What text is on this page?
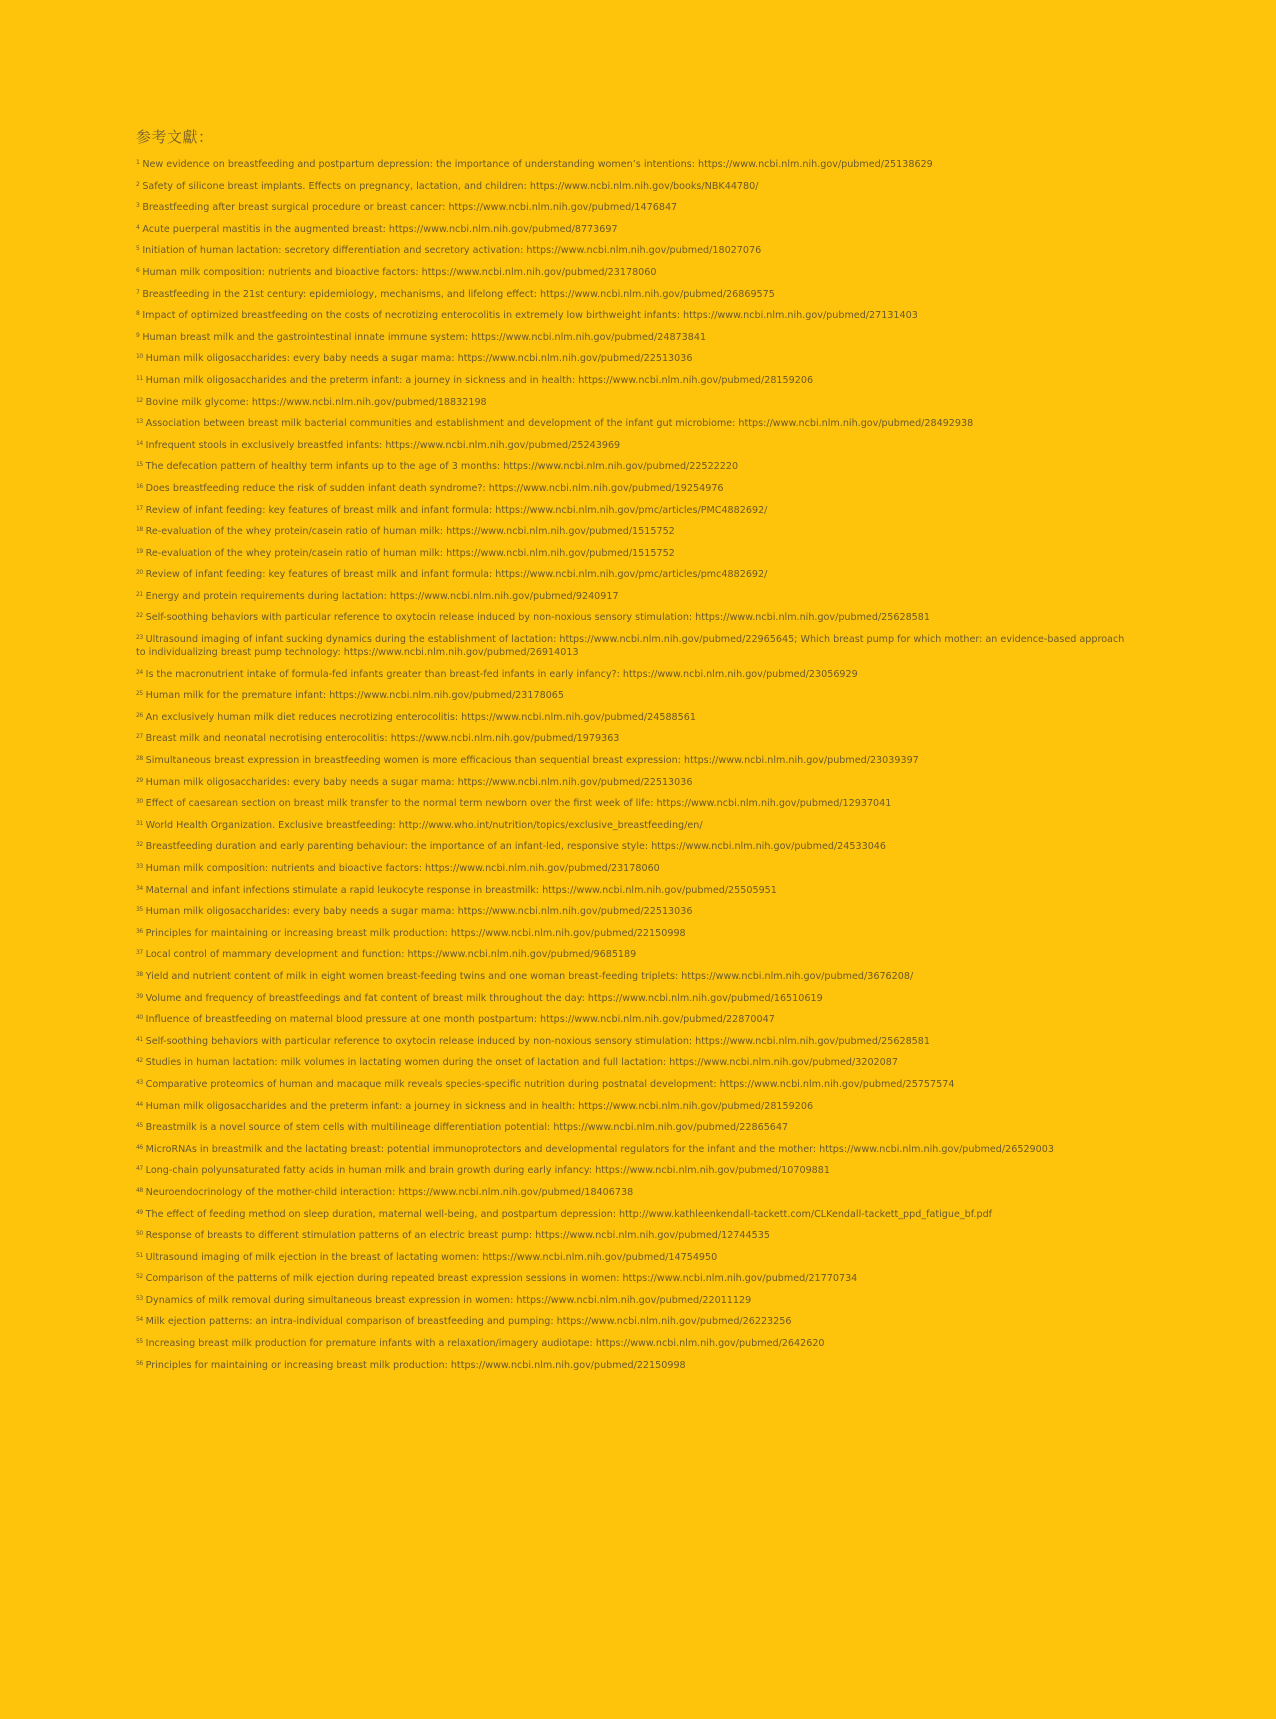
参考文獻：
$^1$ New evidence on breastfeeding and postpartum depression: the importance of understanding women’s intentions: https://www.ncbi.nlm.nih.gov/pubmed/25138629
$^2$ Safety of silicone breast implants. Effects on pregnancy, lactation, and children: https://www.ncbi.nlm.nih.gov/books/NBK44780/
$^3$ Breastfeeding after breast surgical procedure or breast cancer: https://www.ncbi.nlm.nih.gov/pubmed/1476847
$^4$ Acute puerperal mastitis in the augmented breast: https://www.ncbi.nlm.nih.gov/pubmed/8773697
$^5$ Initiation of human lactation: secretory differentiation and secretory activation: https://www.ncbi.nlm.nih.gov/pubmed/18027076
$^6$ Human milk composition: nutrients and bioactive factors: https://www.ncbi.nlm.nih.gov/pubmed/23178060
$^7$ Breastfeeding in the 21st century: epidemiology, mechanisms, and lifelong effect: https://www.ncbi.nlm.nih.gov/pubmed/26869575
$^8$ Impact of optimized breastfeeding on the costs of necrotizing enterocolitis in extremely low birthweight infants: https://www.ncbi.nlm.nih.gov/pubmed/27131403
$^9$ Human breast milk and the gastrointestinal innate immune system: https://www.ncbi.nlm.nih.gov/pubmed/24873841
$^{10}$ Human milk oligosaccharides: every baby needs a sugar mama: https://www.ncbi.nlm.nih.gov/pubmed/22513036
$^{11}$ Human milk oligosaccharides and the preterm infant: a journey in sickness and in health: https://www.ncbi.nlm.nih.gov/pubmed/28159206
$^{12}$ Bovine milk glycome: https://www.ncbi.nlm.nih.gov/pubmed/18832198
$^{13}$ Association between breast milk bacterial communities and establishment and development of the infant gut microbiome: https://www.ncbi.nlm.nih.gov/pubmed/28492938
$^{14}$ Infrequent stools in exclusively breastfed infants: https://www.ncbi.nlm.nih.gov/pubmed/25243969
$^{15}$ The defecation pattern of healthy term infants up to the age of 3 months: https://www.ncbi.nlm.nih.gov/pubmed/22522220
$^{16}$ Does breastfeeding reduce the risk of sudden infant death syndrome?: https://www.ncbi.nlm.nih.gov/pubmed/19254976
$^{17}$ Review of infant feeding: key features of breast milk and infant formula: https://www.ncbi.nlm.nih.gov/pmc/articles/PMC4882692/
$^{18}$ Re-evaluation of the whey protein/casein ratio of human milk: https://www.ncbi.nlm.nih.gov/pubmed/1515752
$^{19}$ Re-evaluation of the whey protein/casein ratio of human milk: https://www.ncbi.nlm.nih.gov/pubmed/1515752
$^{20}$ Review of infant feeding: key features of breast milk and infant formula: https://www.ncbi.nlm.nih.gov/pmc/articles/pmc4882692/
$^{21}$ Energy and protein requirements during lactation: https://www.ncbi.nlm.nih.gov/pubmed/9240917
$^{22}$ Self-soothing behaviors with particular reference to oxytocin release induced by non-noxious sensory stimulation: https://www.ncbi.nlm.nih.gov/pubmed/25628581
$^{23}$ Ultrasound imaging of infant sucking dynamics during the establishment of lactation: https://www.ncbi.nlm.nih.gov/pubmed/22965645; Which breast pump for which mother: an evidence-based approach to individualizing breast pump technology: https://www.ncbi.nlm.nih.gov/pubmed/26914013
$^{24}$ Is the macronutrient intake of formula-fed infants greater than breast-fed infants in early infancy?: https://www.ncbi.nlm.nih.gov/pubmed/23056929
$^{25}$ Human milk for the premature infant: https://www.ncbi.nlm.nih.gov/pubmed/23178065
$^{26}$ An exclusively human milk diet reduces necrotizing enterocolitis: https://www.ncbi.nlm.nih.gov/pubmed/24588561
$^{27}$ Breast milk and neonatal necrotising enterocolitis: https://www.ncbi.nlm.nih.gov/pubmed/1979363
$^{28}$ Simultaneous breast expression in breastfeeding women is more efficacious than sequential breast expression: https://www.ncbi.nlm.nih.gov/pubmed/23039397
$^{29}$ Human milk oligosaccharides: every baby needs a sugar mama: https://www.ncbi.nlm.nih.gov/pubmed/22513036
$^{30}$ Effect of caesarean section on breast milk transfer to the normal term newborn over the first week of life: https://www.ncbi.nlm.nih.gov/pubmed/12937041
$^{31}$ World Health Organization. Exclusive breastfeeding: http://www.who.int/nutrition/topics/exclusive_breastfeeding/en/
$^{32}$ Breastfeeding duration and early parenting behaviour: the importance of an infant-led, responsive style: https://www.ncbi.nlm.nih.gov/pubmed/24533046
$^{33}$ Human milk composition: nutrients and bioactive factors: https://www.ncbi.nlm.nih.gov/pubmed/23178060
$^{34}$ Maternal and infant infections stimulate a rapid leukocyte response in breastmilk: https://www.ncbi.nlm.nih.gov/pubmed/25505951
$^{35}$ Human milk oligosaccharides: every baby needs a sugar mama: https://www.ncbi.nlm.nih.gov/pubmed/22513036
$^{36}$ Principles for maintaining or increasing breast milk production: https://www.ncbi.nlm.nih.gov/pubmed/22150998
$^{37}$ Local control of mammary development and function: https://www.ncbi.nlm.nih.gov/pubmed/9685189
$^{38}$ Yield and nutrient content of milk in eight women breast-feeding twins and one woman breast-feeding triplets: https://www.ncbi.nlm.nih.gov/pubmed/3676208/
$^{39}$ Volume and frequency of breastfeedings and fat content of breast milk throughout the day: https://www.ncbi.nlm.nih.gov/pubmed/16510619
$^{40}$ Influence of breastfeeding on maternal blood pressure at one month postpartum: https://www.ncbi.nlm.nih.gov/pubmed/22870047
$^{41}$ Self-soothing behaviors with particular reference to oxytocin release induced by non-noxious sensory stimulation: https://www.ncbi.nlm.nih.gov/pubmed/25628581
$^{42}$ Studies in human lactation: milk volumes in lactating women during the onset of lactation and full lactation: https://www.ncbi.nlm.nih.gov/pubmed/3202087
$^{43}$ Comparative proteomics of human and macaque milk reveals species-specific nutrition during postnatal development: https://www.ncbi.nlm.nih.gov/pubmed/25757574
$^{44}$ Human milk oligosaccharides and the preterm infant: a journey in sickness and in health: https://www.ncbi.nlm.nih.gov/pubmed/28159206
$^{45}$ Breastmilk is a novel source of stem cells with multilineage differentiation potential: https://www.ncbi.nlm.nih.gov/pubmed/22865647
$^{46}$ MicroRNAs in breastmilk and the lactating breast: potential immunoprotectors and developmental regulators for the infant and the mother: https://www.ncbi.nlm.nih.gov/pubmed/26529003
$^{47}$ Long-chain polyunsaturated fatty acids in human milk and brain growth during early infancy: https://www.ncbi.nlm.nih.gov/pubmed/10709881
$^{48}$ Neuroendocrinology of the mother-child interaction: https://www.ncbi.nlm.nih.gov/pubmed/18406738
$^{49}$ The effect of feeding method on sleep duration, maternal well-being, and postpartum depression: http://www.kathleenkendall-tackett.com/CLKendall-tackett_ppd_fatigue_bf.pdf
$^{50}$ Response of breasts to different stimulation patterns of an electric breast pump: https://www.ncbi.nlm.nih.gov/pubmed/12744535
$^{51}$ Ultrasound imaging of milk ejection in the breast of lactating women: https://www.ncbi.nlm.nih.gov/pubmed/14754950
$^{52}$ Comparison of the patterns of milk ejection during repeated breast expression sessions in women: https://www.ncbi.nlm.nih.gov/pubmed/21770734
$^{53}$ Dynamics of milk removal during simultaneous breast expression in women: https://www.ncbi.nlm.nih.gov/pubmed/22011129
$^{54}$ Milk ejection patterns: an intra-individual comparison of breastfeeding and pumping: https://www.ncbi.nlm.nih.gov/pubmed/26223256
$^{55}$ Increasing breast milk production for premature infants with a relaxation/imagery audiotape: https://www.ncbi.nlm.nih.gov/pubmed/2642620
$^{56}$ Principles for maintaining or increasing breast milk production: https://www.ncbi.nlm.nih.gov/pubmed/22150998
